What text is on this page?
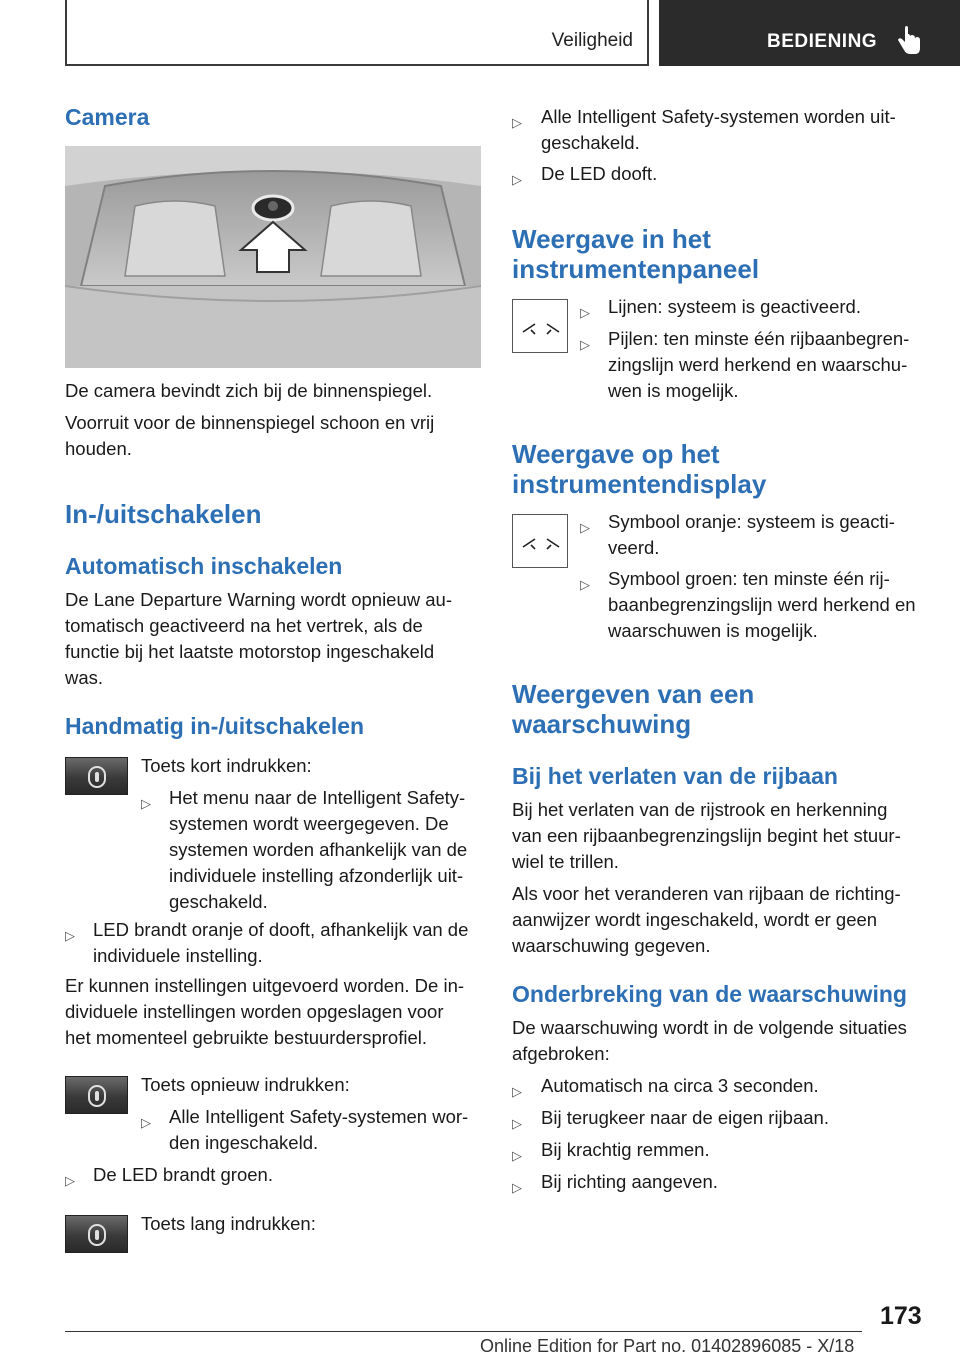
Veiligheid	BEDIENING
Camera
De camera bevindt zich bij de binnenspiegel.
Voorruit voor de binnenspiegel schoon en vrij
houden.
In-/uitschakelen
Automatisch inschakelen
De Lane Departure Warning wordt opnieuw au‐
tomatisch geactiveerd na het vertrek, als de
functie bij het laatste motorstop ingeschakeld
was.
Handmatig in-/uitschakelen
Toets kort indrukken:
▷ Het menu naar de Intelligent Safety‐
systemen wordt weergegeven. De
systemen worden afhankelijk van de
individuele instelling afzonderlijk uit‐
geschakeld.
▷ LED brandt oranje of dooft, afhankelijk van de
individuele instelling.
Er kunnen instellingen uitgevoerd worden. De in‐
dividuele instellingen worden opgeslagen voor
het momenteel gebruikte bestuurdersprofiel.
Toets opnieuw indrukken:
▷ Alle Intelligent Safety-systemen wor‐
den ingeschakeld.
▷ De LED brandt groen.
Toets lang indrukken:
▷ Alle Intelligent Safety-systemen worden uit‐
geschakeld.
▷ De LED dooft.
Weergave in het
instrumentenpaneel
▷ Lijnen: systeem is geactiveerd.
▷ Pijlen: ten minste één rijbaanbegren‐
zingslijn werd herkend en waarschu‐
wen is mogelijk.
Weergave op het
instrumentendisplay
▷ Symbool oranje: systeem is geacti‐
veerd.
▷ Symbool groen: ten minste één rij‐
baanbegrenzingslijn werd herkend en
waarschuwen is mogelijk.
Weergeven van een
waarschuwing
Bij het verlaten van de rijbaan
Bij het verlaten van de rijstrook en herkenning
van een rijbaanbegrenzingslijn begint het stuur‐
wiel te trillen.
Als voor het veranderen van rijbaan de richting‐
aanwijzer wordt ingeschakeld, wordt er geen
waarschuwing gegeven.
Onderbreking van de waarschuwing
De waarschuwing wordt in de volgende situaties
afgebroken:
▷ Automatisch na circa 3 seconden.
▷ Bij terugkeer naar de eigen rijbaan.
▷ Bij krachtig remmen.
▷ Bij richting aangeven.
173
Online Edition for Part no. 01402896085 - X/18
